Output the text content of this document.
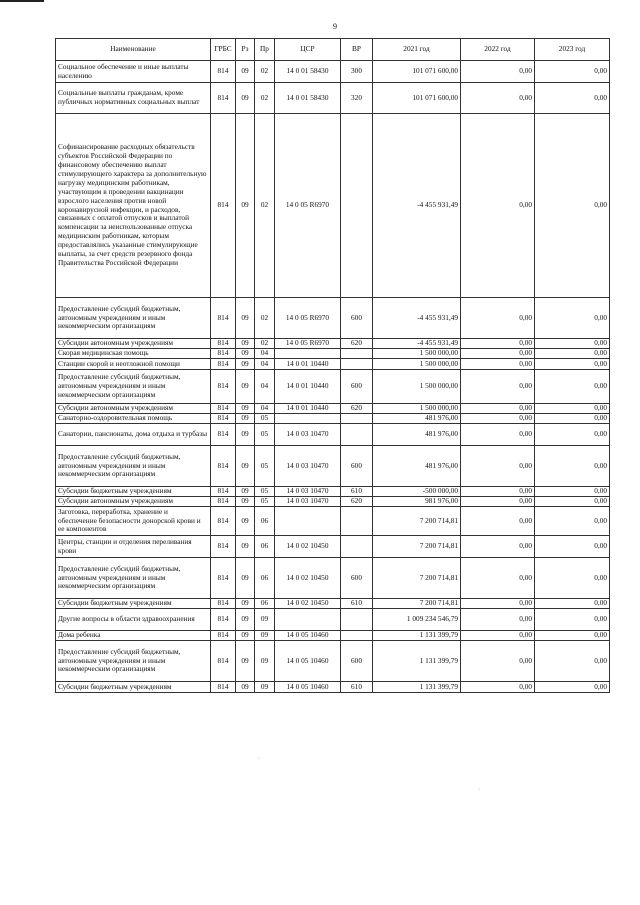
9
Наименование	ГРБС	Рз	Пр	ЦСР	ВР	2021 год	2022 год	2023 год
Социальное обеспечение и иные выплаты населению	814	09	02	14 0 01 58430	300	101 071 600,00	0,00	0,00
Социальные выплаты гражданам, кроме публичных нормативных социальных выплат	814	09	02	14 0 01 58430	320	101 071 600,00	0,00	0,00
Софинансирование расходных обязательств субъектов Российской Федерации по финансовому обеспечению выплат стимулирующего характера за дополнительную нагрузку медицинским работникам, участвующим в проведении вакцинации взрослого населения против новой коронавирусной инфекции, и расходов, связанных с оплатой отпусков и выплатой компенсации за неиспользованные отпуска медицинским работникам, которым предоставлялись указанные стимулирующие выплаты, за счет средств резервного фонда Правительства Российской Федерации	814	09	02	14 0 05 R6970		-4 455 931,49	0,00	0,00
Предоставление субсидий бюджетным, автономным учреждениям и иным некоммерческим организациям	814	09	02	14 0 05 R6970	600	-4 455 931,49	0,00	0,00
Субсидии автономным учреждениям	814	09	02	14 0 05 R6970	620	-4 455 931,49	0,00	0,00
Скорая медицинская помощь	814	09	04			1 500 000,00	0,00	0,00
Станции скорой и неотложной помощи	814	09	04	14 0 01 10440		1 500 000,00	0,00	0,00
Предоставление субсидий бюджетным, автономным учреждениям и иным некоммерческим организациям	814	09	04	14 0 01 10440	600	1 500 000,00	0,00	0,00
Субсидии автономным учреждениям	814	09	04	14 0 01 10440	620	1 500 000,00	0,00	0,00
Санаторно-оздоровительная помощь	814	09	05			481 976,00	0,00	0,00
Санатории, пансионаты, дома отдыха и турбазы	814	09	05	14 0 03 10470		481 976,00	0,00	0,00
Предоставление субсидий бюджетным, автономным учреждениям и иным некоммерческим организациям	814	09	05	14 0 03 10470	600	481 976,00	0,00	0,00
Субсидии бюджетным учреждениям	814	09	05	14 0 03 10470	610	-500 000,00	0,00	0,00
Субсидии автономным учреждениям	814	09	05	14 0 03 10470	620	981 976,00	0,00	0,00
Заготовка, переработка, хранение и обеспечение безопасности донорской крови и ее компонентов	814	09	06			7 200 714,81	0,00	0,00
Центры, станции и отделения переливания крови	814	09	06	14 0 02 10450		7 200 714,81	0,00	0,00
Предоставление субсидий бюджетным, автономным учреждениям и иным некоммерческим организациям	814	09	06	14 0 02 10450	600	7 200 714,81	0,00	0,00
Субсидии бюджетным учреждениям	814	09	06	14 0 02 10450	610	7 200 714,81	0,00	0,00
Другие вопросы в области здравоохранения	814	09	09			1 009 234 546,79	0,00	0,00
Дома ребенка	814	09	09	14 0 05 10460		1 131 399,79	0,00	0,00
Предоставление субсидий бюджетным, автономным учреждениям и иным некоммерческим организациям	814	09	09	14 0 05 10460	600	1 131 399,79	0,00	0,00
Субсидии бюджетным учреждениям	814	09	09	14 0 05 10460	610	1 131 399,79	0,00	0,00
·
·
